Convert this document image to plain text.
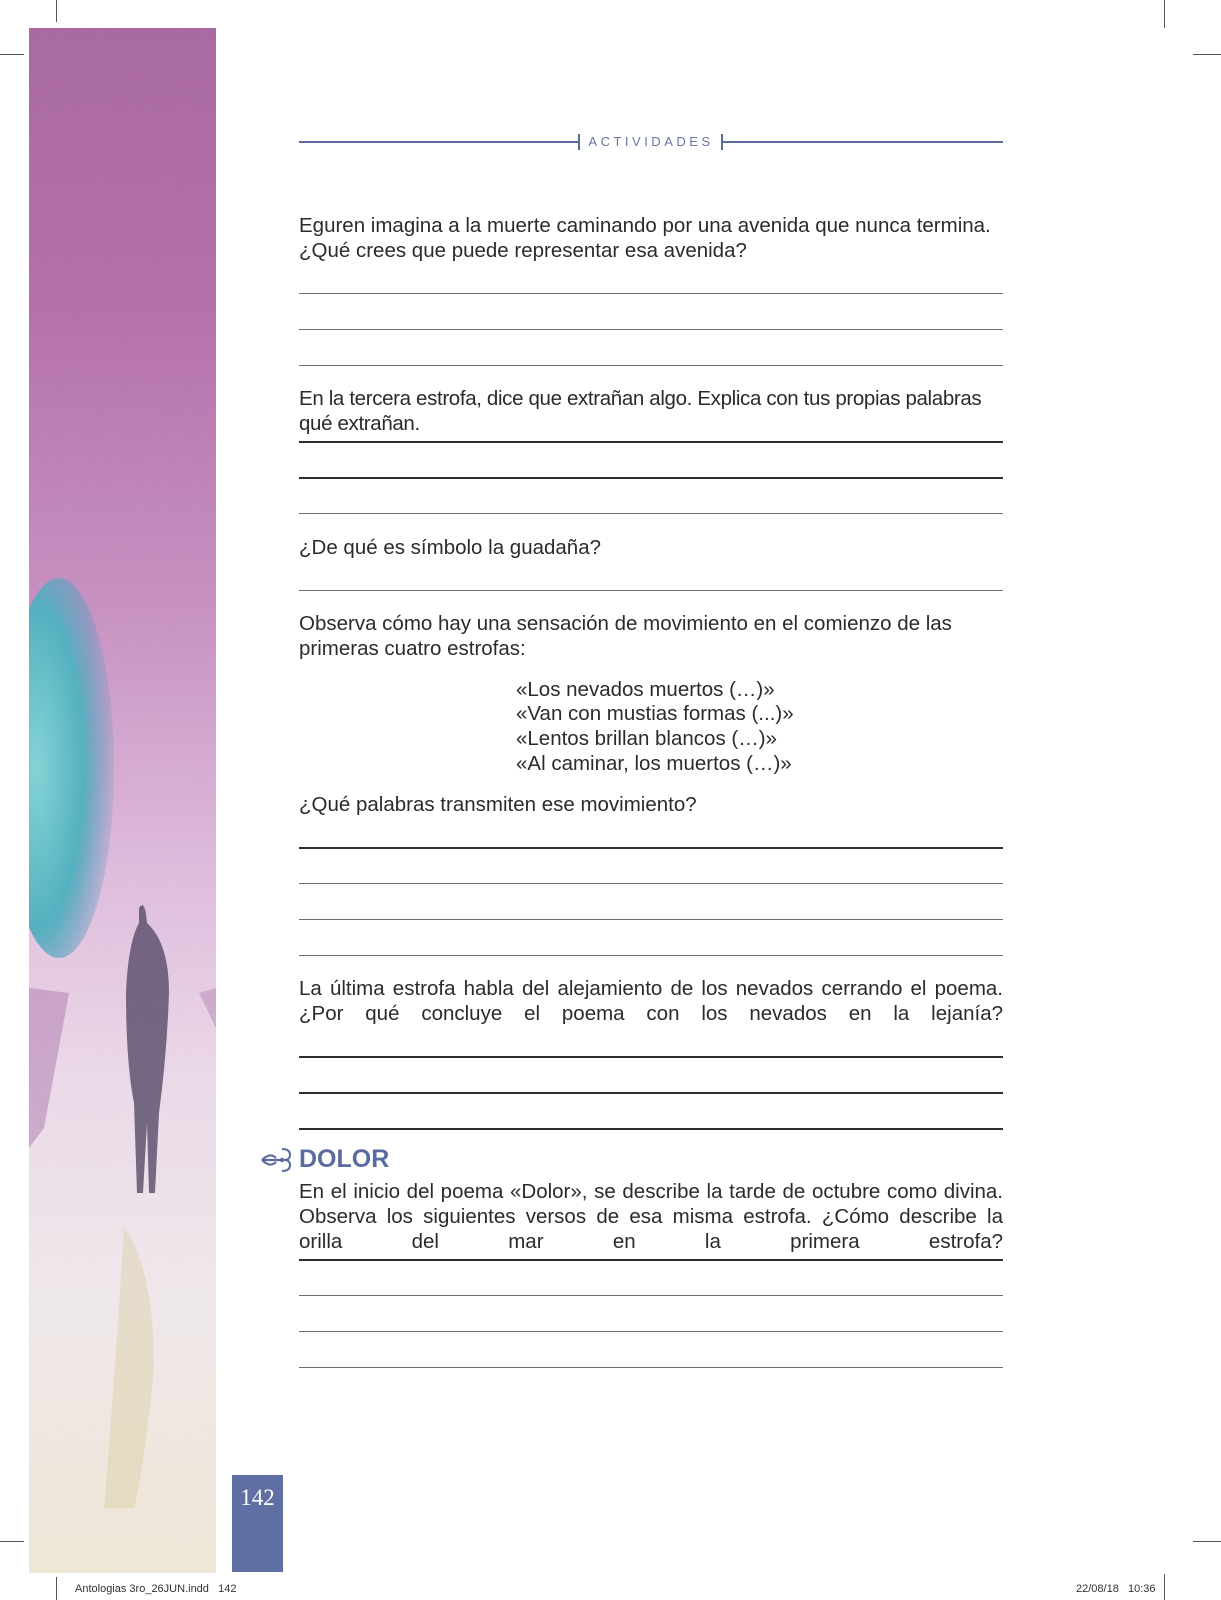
ACTIVIDADES

Eguren imagina a la muerte caminando por una avenida que nunca termina. ¿Qué crees que puede representar esa avenida?

En la tercera estrofa, dice que extrañan algo. Explica con tus propias palabras qué extrañan.

¿De qué es símbolo la guadaña?

Observa cómo hay una sensación de movimiento en el comienzo de las primeras cuatro estrofas:

«Los nevados muertos (…)»

«Van con mustias formas (...)»

«Lentos brillan blancos (…)»

«Al caminar, los muertos (…)»

¿Qué palabras transmiten ese movimiento?

La última estrofa habla del alejamiento de los nevados cerrando el poema. ¿Por qué concluye el poema con los nevados en la lejanía?

DOLOR

En el inicio del poema «Dolor», se describe la tarde de octubre como divina. Observa los siguientes versos de esa misma estrofa. ¿Cómo describe la orilla del mar en la primera estrofa?

142
Antologias 3ro_26JUN.indd   142	22/08/18   10:36
